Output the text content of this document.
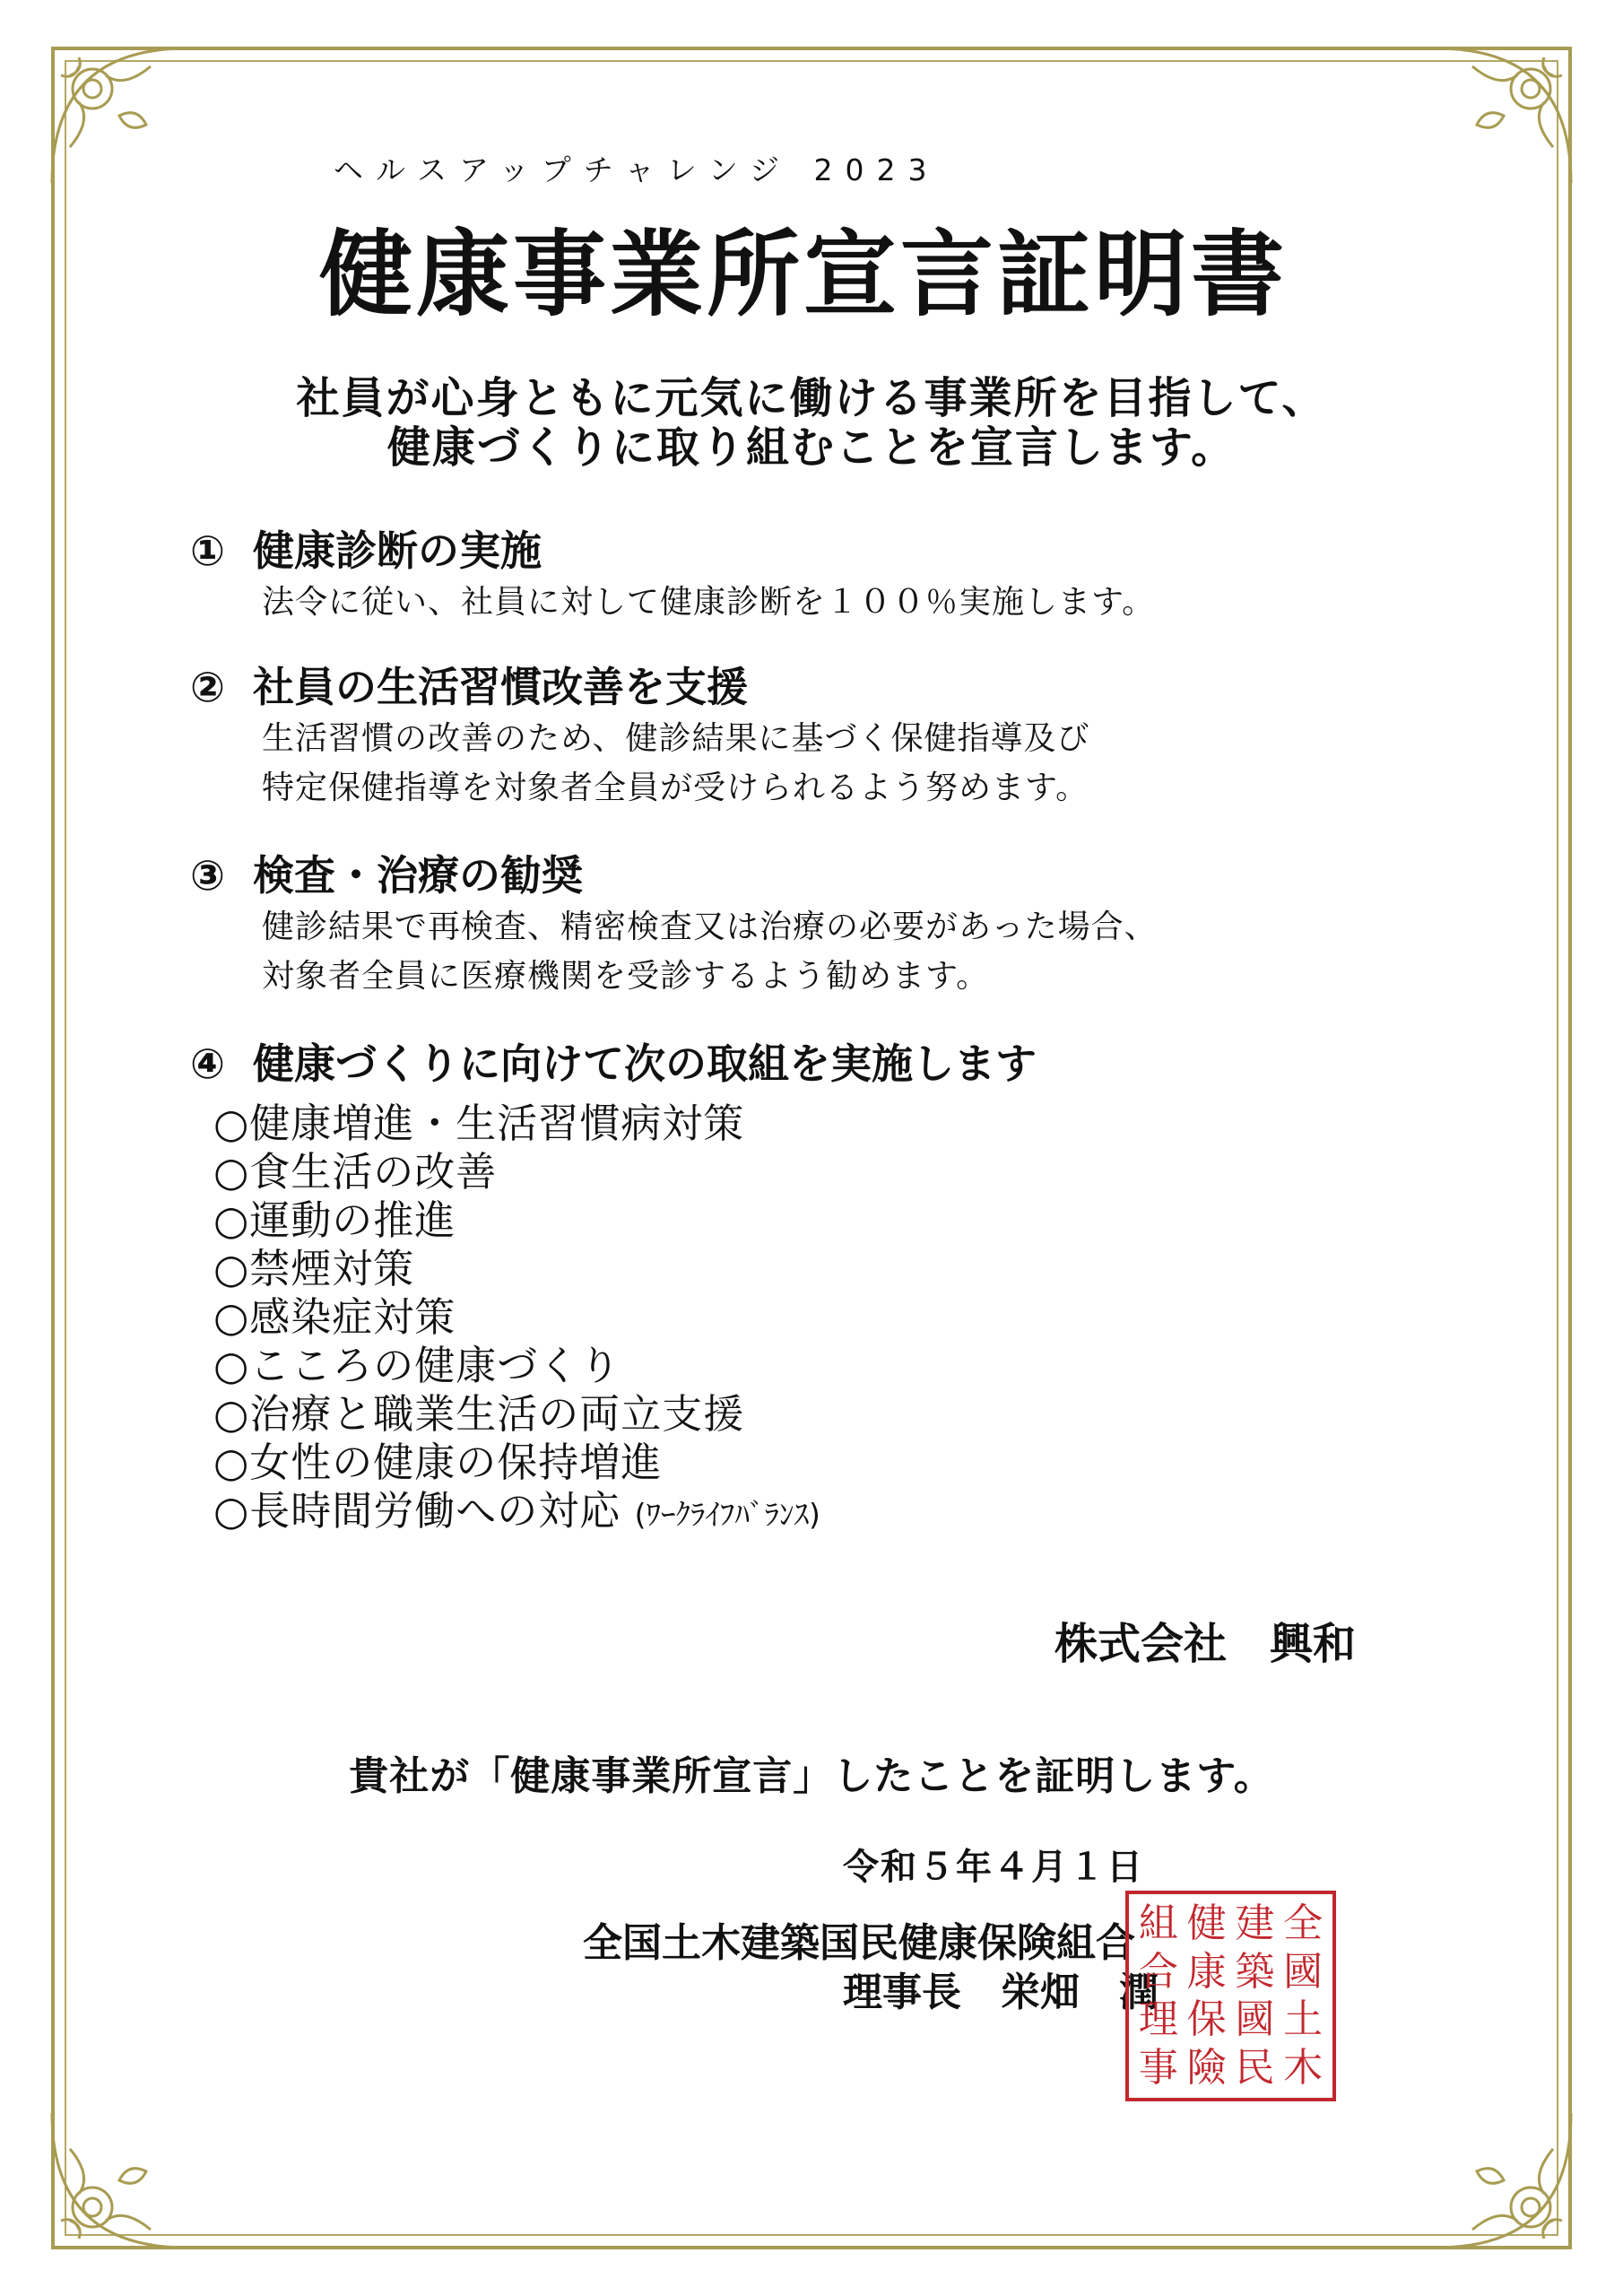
ヘルスアップチャレンジ 2023
健康事業所宣言証明書
社員が心身ともに元気に働ける事業所を目指して、
健康づくりに取り組むことを宣言します。
① 健康診断の実施
法令に従い、社員に対して健康診断を１００％実施します。
② 社員の生活習慣改善を支援
生活習慣の改善のため、健診結果に基づく保健指導及び
特定保健指導を対象者全員が受けられるよう努めます。
③ 検査・治療の勧奨
健診結果で再検査、精密検査又は治療の必要があった場合、
対象者全員に医療機関を受診するよう勧めます。
④ 健康づくりに向けて次の取組を実施します
○健康増進・生活習慣病対策
○食生活の改善
○運動の推進
○禁煙対策
○感染症対策
○こころの健康づくり
○治療と職業生活の両立支援
○女性の健康の保持増進
○長時間労働への対応 (ﾜｰｸﾗｲﾌﾊﾞﾗﾝｽ)
株式会社　興和
貴社が「健康事業所宣言」したことを証明します。
令和５年４月１日
全国土木建築国民健康保険組合
理事長　栄畑　潤
組 健 建 全
合 康 築 國
理 保 國 土
事 險 民 木
